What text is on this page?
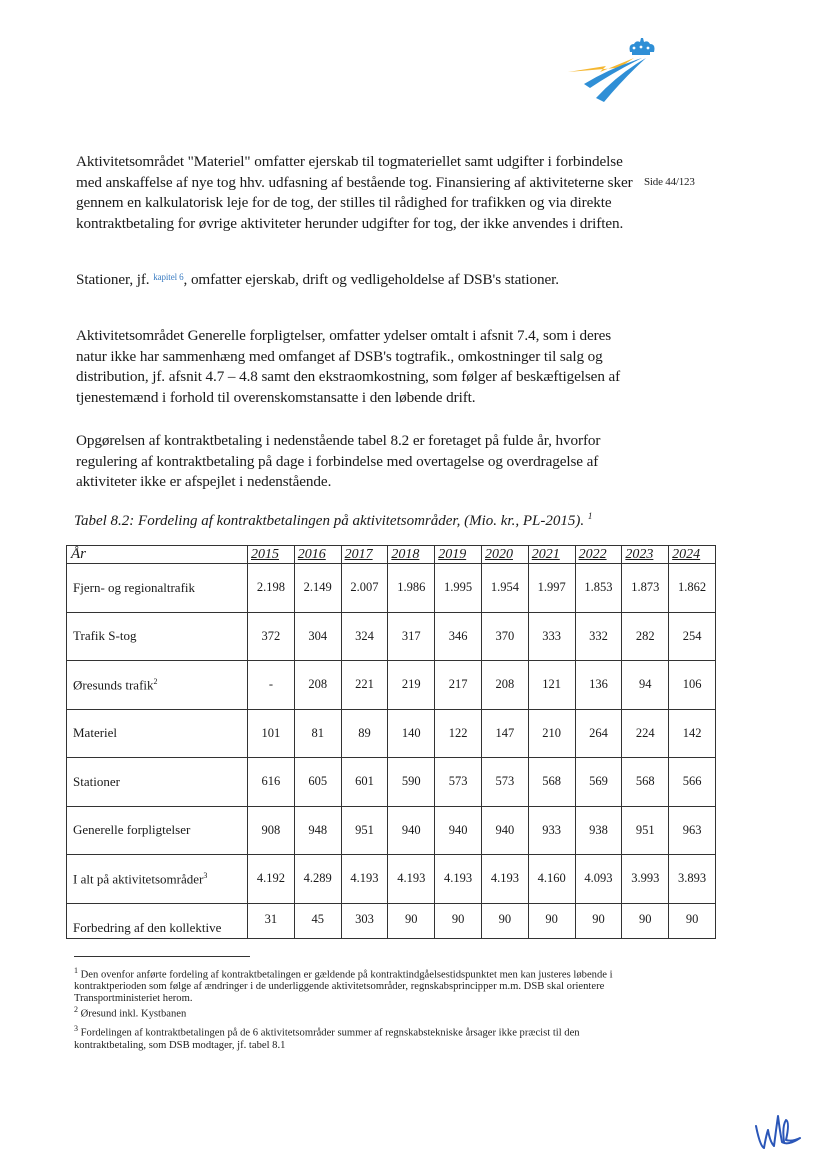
Side 44/123
Aktivitetsområdet "Materiel" omfatter ejerskab til togmateriellet samt udgifter i forbindelse med anskaffelse af nye tog hhv. udfasning af bestående tog. Finansiering af aktiviteterne sker gennem en kalkulatorisk leje for de tog, der stilles til rådighed for trafikken og via direkte kontraktbetaling for øvrige aktiviteter herunder udgifter for tog, der ikke anvendes i driften.
Stationer, jf. $^{kapitel 6}$, omfatter ejerskab, drift og vedligeholdelse af DSB's stationer.
Aktivitetsområdet Generelle forpligtelser, omfatter ydelser omtalt i afsnit 7.4, som i deres natur ikke har sammenhæng med omfanget af DSB's togtrafik., omkostninger til salg og distribution, jf. afsnit 4.7 – 4.8 samt den ekstraomkostning, som følger af beskæftigelsen af tjenestemænd i forhold til overenskomstansatte i den løbende drift.
Opgørelsen af kontraktbetaling i nedenstående tabel 8.2 er foretaget på fulde år, hvorfor regulering af kontraktbetaling på dage i forbindelse med overtagelse og overdragelse af aktiviteter ikke er afspejlet i nedenstående.
Tabel 8.2: Fordeling af kontraktbetalingen på aktivitetsområder, (Mio. kr., PL-2015). $^1$
År	2015	2016	2017	2018	2019	2020	2021	2022	2023	2024
Fjern- og regionaltrafik	2.198	2.149	2.007	1.986	1.995	1.954	1.997	1.853	1.873	1.862
Trafik S-tog	372	304	324	317	346	370	333	332	282	254
Øresunds trafik$^2$	-	208	221	219	217	208	121	136	94	106
Materiel	101	81	89	140	122	147	210	264	224	142
Stationer	616	605	601	590	573	573	568	569	568	566
Generelle forpligtelser	908	948	951	940	940	940	933	938	951	963
I alt på aktivitetsområder$^3$	4.192	4.289	4.193	4.193	4.193	4.193	4.160	4.093	3.993	3.893
Forbedring af den kollektive	31	45	303	90	90	90	90	90	90	90

$^1$ Den ovenfor anførte fordeling af kontraktbetalingen er gældende på kontraktindgåelsestidspunktet men kan justeres løbende i kontraktperioden som følge af ændringer i de underliggende aktivitetsområder, regnskabsprincipper m.m. DSB skal orientere Transportministeriet herom.

$^2$ Øresund inkl. Kystbanen

$^3$ Fordelingen af kontraktbetalingen på de 6 aktivitetsområder summer af regnskabstekniske årsager ikke præcist til den kontraktbetaling, som DSB modtager, jf. tabel 8.1
